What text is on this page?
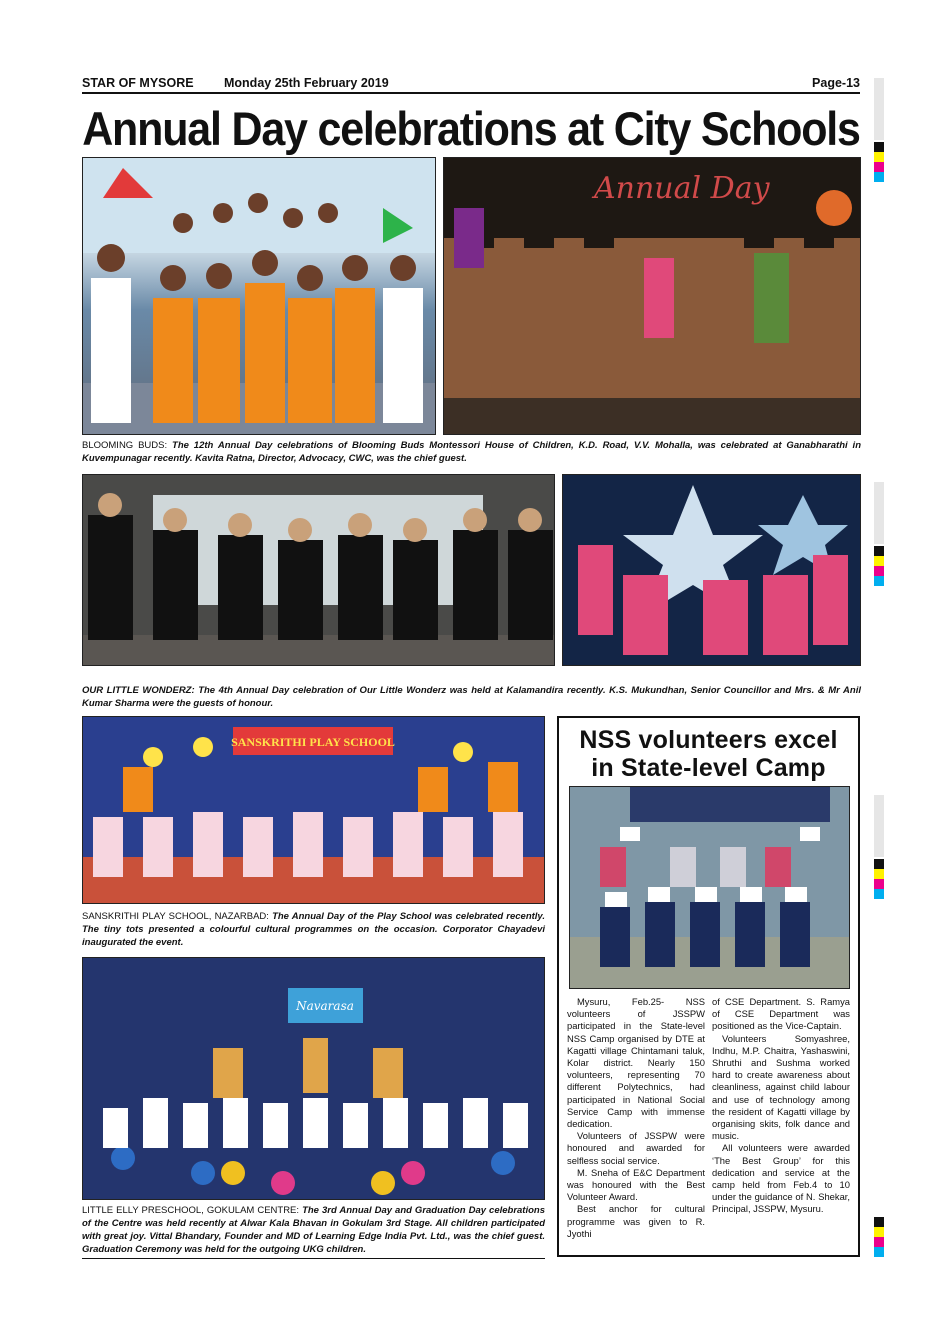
STAR OF MYSORE Monday 25th February 2019	Page-13
Annual Day celebrations at City Schools
Annual Day
BLOOMING BUDS: The 12th Annual Day celebrations of Blooming Buds Montessori House of Children, K.D. Road, V.V. Mohalla, was celebrated at Ganabharathi in Kuvempunagar recently. Kavita Ratna, Director, Advocacy, CWC, was the chief guest.
OUR LITTLE WONDERZ: The 4th Annual Day celebration of Our Little Wonderz was held at Kalamandira recently. K.S. Mukundhan, Senior Councillor and Mrs. & Mr Anil Kumar Sharma were the guests of honour.
SANSKRITHI PLAY SCHOOL
SANSKRITHI PLAY SCHOOL, NAZARBAD: The Annual Day of the Play School was celebrated recently. The tiny tots presented a colourful cultural programmes on the occasion. Corporator Chayadevi inaugurated the event.
Navarasa
LITTLE ELLY PRESCHOOL, GOKULAM CENTRE: The 3rd Annual Day and Graduation Day celebrations of the Centre was held recently at Alwar Kala Bhavan in Gokulam 3rd Stage. All children participated with great joy. Vittal Bhandary, Founder and MD of Learning Edge India Pvt. Ltd., was the chief guest. Graduation Ceremony was held for the outgoing UKG children.
NSS volunteers excel
in State-level Camp

Mysuru, Feb.25- NSS volunteers of JSSPW participated in the State-level NSS Camp organised by DTE at Kagatti village Chintamani taluk, Kolar district. Nearly 150 volunteers, representing 70 different Polytechnics, had participated in National Social Service Camp with immense dedication.

Volunteers of JSSPW were honoured and awarded for selfless social service.

M. Sneha of E&C Department was honoured with the Best Volunteer Award.

Best anchor for cultural programme was given to R. Jyothi

of CSE Department. S. Ramya of CSE Department was positioned as the Vice-Captain.

Volunteers Somyashree, Indhu, M.P. Chaitra, Yashaswini, Shruthi and Sushma worked hard to create awareness about cleanliness, against child labour and use of technology among the resident of Kagatti village by organising skits, folk dance and music.

All volunteers were awarded ‘The Best Group’ for this dedication and service at the camp held from Feb.4 to 10 under the guidance of N. Shekar, Principal, JSSPW, Mysuru.
